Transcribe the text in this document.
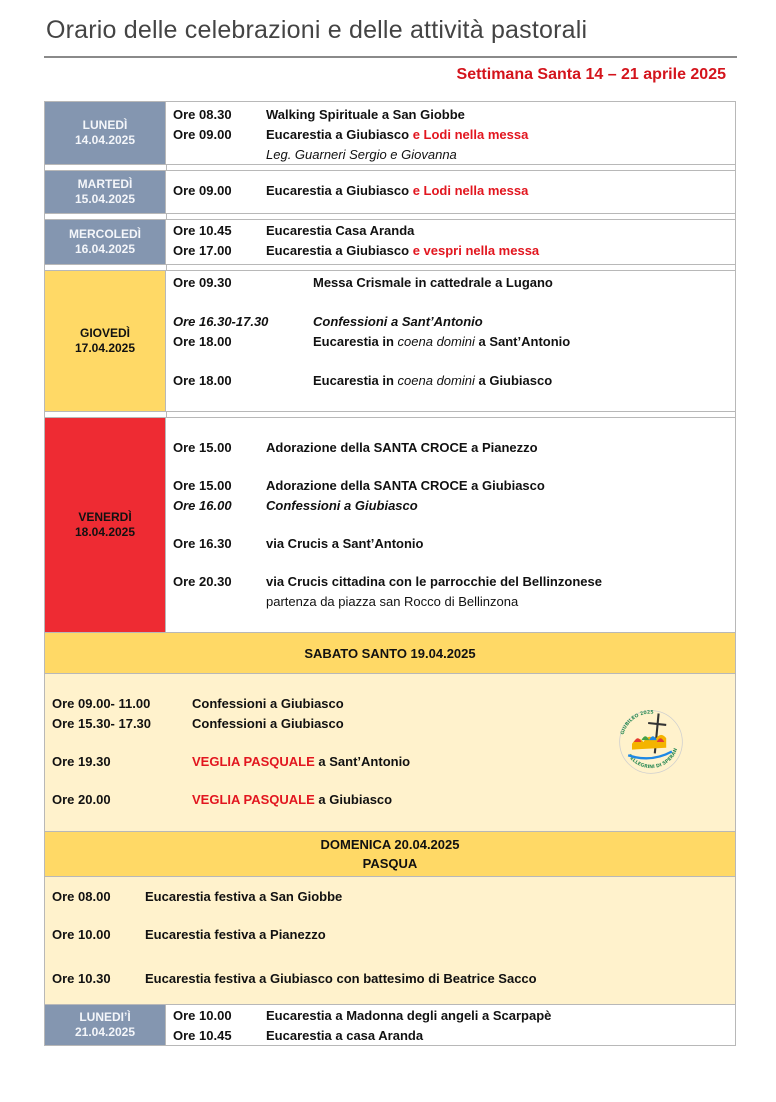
Orario delle celebrazioni e delle attività pastorali
Settimana Santa 14 – 21 aprile 2025
LUNEDÌ
14.04.2025
Ore 08.30	Walking Spirituale a San Giobbe
Ore 09.00	Eucarestia a Giubiasco e Lodi nella messa
Leg. Guarneri Sergio e Giovanna
MARTEDÌ
15.04.2025
Ore 09.00	Eucarestia a Giubiasco e Lodi nella messa
MERCOLEDÌ
16.04.2025
Ore 10.45	Eucarestia Casa Aranda
Ore 17.00	Eucarestia a Giubiasco e vespri nella messa
GIOVEDÌ
17.04.2025
Ore 09.30	Messa Crismale in cattedrale a Lugano
Ore 16.30-17.30	Confessioni a Sant’Antonio
Ore 18.00	Eucarestia in coena domini a Sant’Antonio
Ore 18.00	Eucarestia in coena domini a Giubiasco
VENERDÌ
18.04.2025
Ore 15.00	Adorazione della SANTA CROCE a Pianezzo
Ore 15.00	Adorazione della SANTA CROCE a Giubiasco
Ore 16.00	Confessioni a Giubiasco
Ore 16.30	via Crucis a Sant’Antonio
Ore 20.30	via Crucis cittadina con le parrocchie del Bellinzonese
partenza da piazza san Rocco di Bellinzona
SABATO SANTO 19.04.2025
Ore 09.00- 11.00	Confessioni a Giubiasco
Ore 15.30- 17.30	Confessioni a Giubiasco
Ore 19.30	VEGLIA PASQUALE a Sant’Antonio
Ore 20.00	VEGLIA PASQUALE a Giubiasco
GIUBILEO 2025
PELLEGRINI DI SPERAN
DOMENICA 20.04.2025
PASQUA
Ore 08.00	Eucarestia festiva a San Giobbe
Ore 10.00	Eucarestia festiva a Pianezzo
Ore 10.30	Eucarestia festiva a Giubiasco con battesimo di Beatrice Sacco
LUNEDI’Ì
21.04.2025
Ore 10.00	Eucarestia a Madonna degli angeli a Scarpapè
Ore 10.45	Eucarestia a casa Aranda
